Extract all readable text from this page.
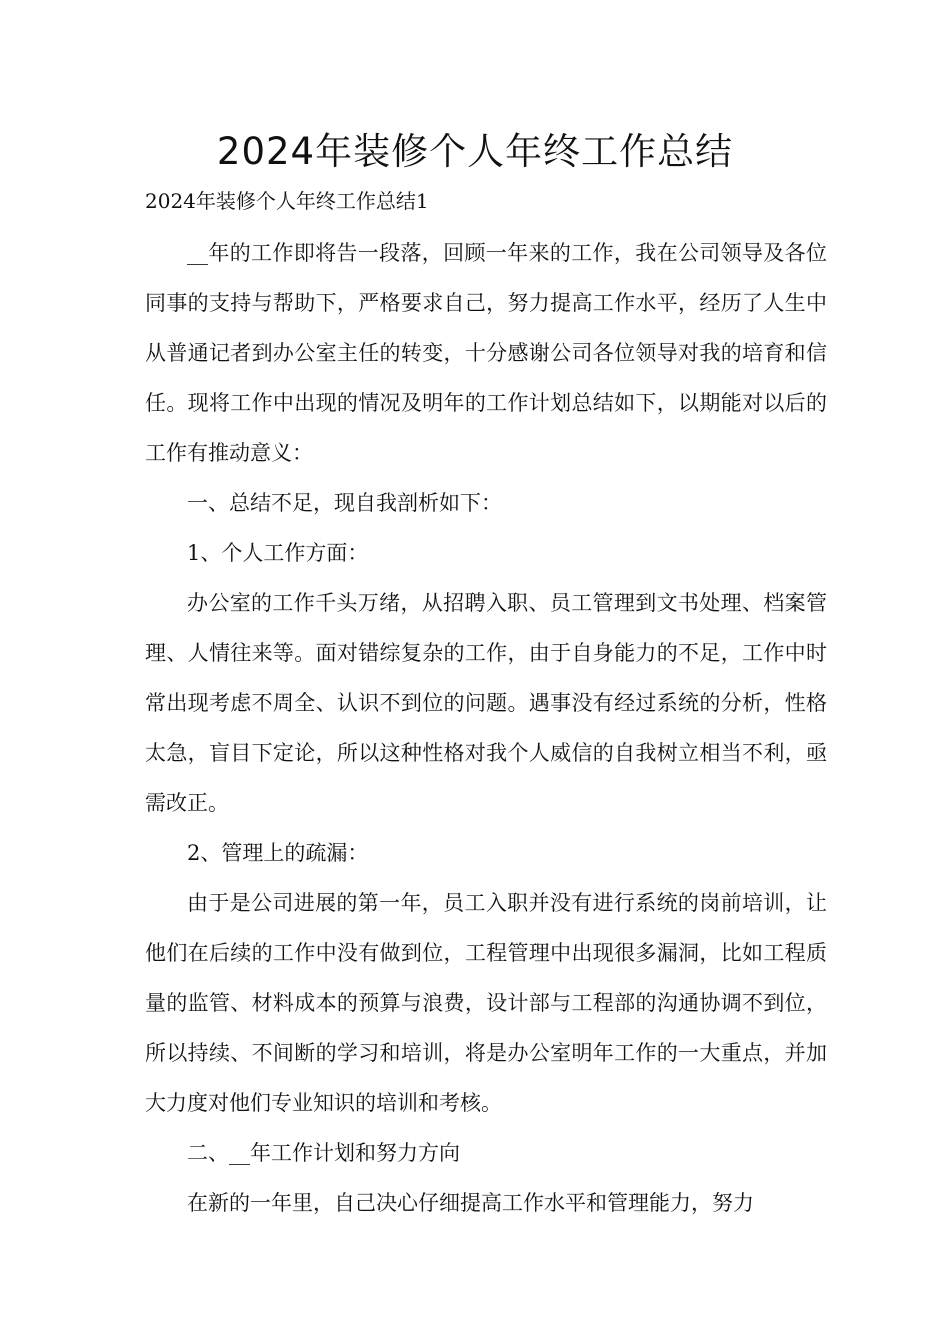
2024年装修个人年终工作总结

2024年装修个人年终工作总结1

__年的工作即将告一段落，回顾一年来的工作，我在公司领导及各位同事的支持与帮助下，严格要求自己，努力提高工作水平，经历了人生中从普通记者到办公室主任的转变，十分感谢公司各位领导对我的培育和信任。现将工作中出现的情况及明年的工作计划总结如下，以期能对以后的工作有推动意义：

一、总结不足，现自我剖析如下：

1、个人工作方面：

办公室的工作千头万绪，从招聘入职、员工管理到文书处理、档案管理、人情往来等。面对错综复杂的工作，由于自身能力的不足，工作中时常出现考虑不周全、认识不到位的问题。遇事没有经过系统的分析，性格太急，盲目下定论，所以这种性格对我个人威信的自我树立相当不利，亟需改正。

2、管理上的疏漏：

由于是公司进展的第一年，员工入职并没有进行系统的岗前培训，让他们在后续的工作中没有做到位，工程管理中出现很多漏洞，比如工程质量的监管、材料成本的预算与浪费，设计部与工程部的沟通协调不到位，所以持续、不间断的学习和培训，将是办公室明年工作的一大重点，并加大力度对他们专业知识的培训和考核。

二、__年工作计划和努力方向

在新的一年里，自己决心仔细提高工作水平和管理能力，努力
